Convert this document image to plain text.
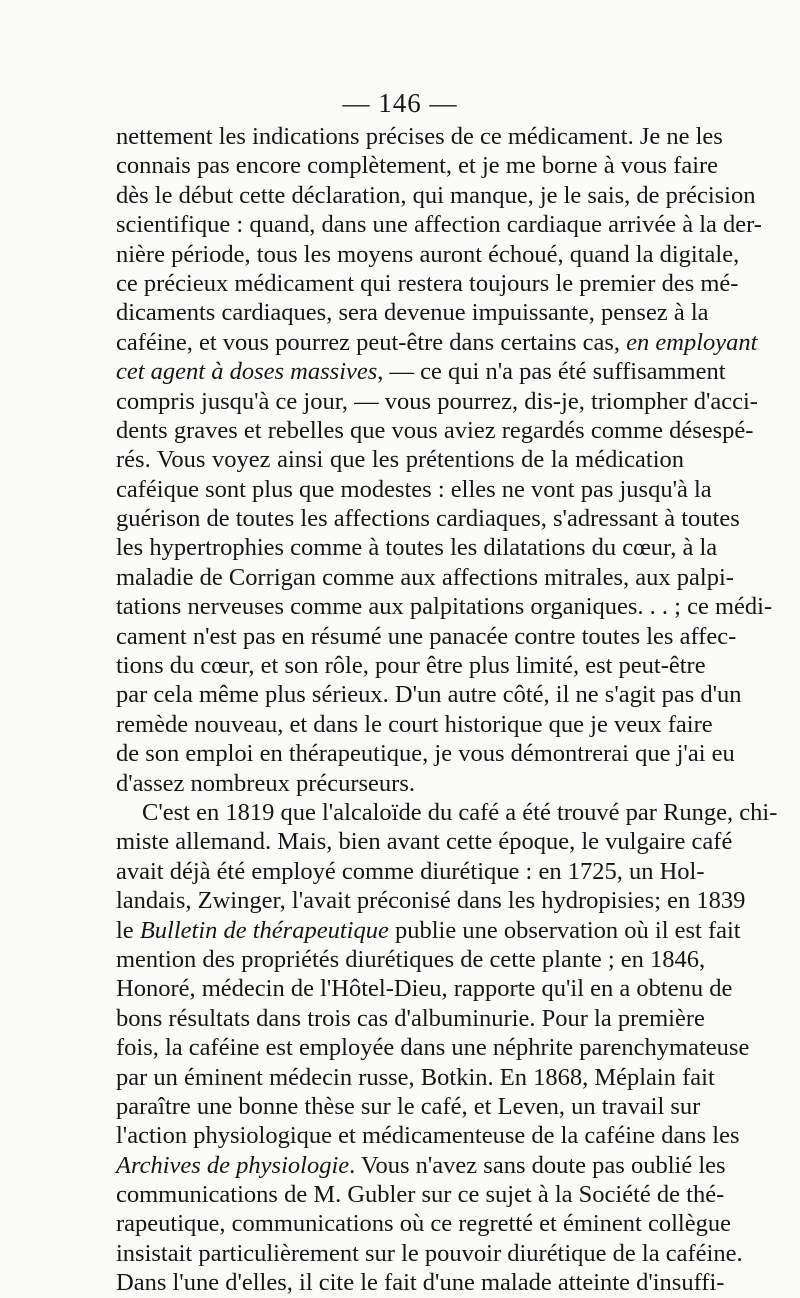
— 146 —
nettement les indications précises de ce médicament. Je ne les
connais pas encore complètement, et je me borne à vous faire
dès le début cette déclaration, qui manque, je le sais, de précision
scientifique : quand, dans une affection cardiaque arrivée à la der-
nière période, tous les moyens auront échoué, quand la digitale,
ce précieux médicament qui restera toujours le premier des mé-
dicaments cardiaques, sera devenue impuissante, pensez à la
caféine, et vous pourrez peut-être dans certains cas, en employant
cet agent à doses massives, — ce qui n'a pas été suffisamment
compris jusqu'à ce jour, — vous pourrez, dis-je, triompher d'acci-
dents graves et rebelles que vous aviez regardés comme désespé-
rés. Vous voyez ainsi que les prétentions de la médication
caféique sont plus que modestes : elles ne vont pas jusqu'à la
guérison de toutes les affections cardiaques, s'adressant à toutes
les hypertrophies comme à toutes les dilatations du cœur, à la
maladie de Corrigan comme aux affections mitrales, aux palpi-
tations nerveuses comme aux palpitations organiques. . . ; ce médi-
cament n'est pas en résumé une panacée contre toutes les affec-
tions du cœur, et son rôle, pour être plus limité, est peut-être
par cela même plus sérieux. D'un autre côté, il ne s'agit pas d'un
remède nouveau, et dans le court historique que je veux faire
de son emploi en thérapeutique, je vous démontrerai que j'ai eu
d'assez nombreux précurseurs.
C'est en 1819 que l'alcaloïde du café a été trouvé par Runge, chi-
miste allemand. Mais, bien avant cette époque, le vulgaire café
avait déjà été employé comme diurétique : en 1725, un Hol-
landais, Zwinger, l'avait préconisé dans les hydropisies; en 1839
le Bulletin de thérapeutique publie une observation où il est fait
mention des propriétés diurétiques de cette plante ; en 1846,
Honoré, médecin de l'Hôtel-Dieu, rapporte qu'il en a obtenu de
bons résultats dans trois cas d'albuminurie. Pour la première
fois, la caféine est employée dans une néphrite parenchymateuse
par un éminent médecin russe, Botkin. En 1868, Méplain fait
paraître une bonne thèse sur le café, et Leven, un travail sur
l'action physiologique et médicamenteuse de la caféine dans les
Archives de physiologie. Vous n'avez sans doute pas oublié les
communications de M. Gubler sur ce sujet à la Société de thé-
rapeutique, communications où ce regretté et éminent collègue
insistait particulièrement sur le pouvoir diurétique de la caféine.
Dans l'une d'elles, il cite le fait d'une malade atteinte d'insuffi-
